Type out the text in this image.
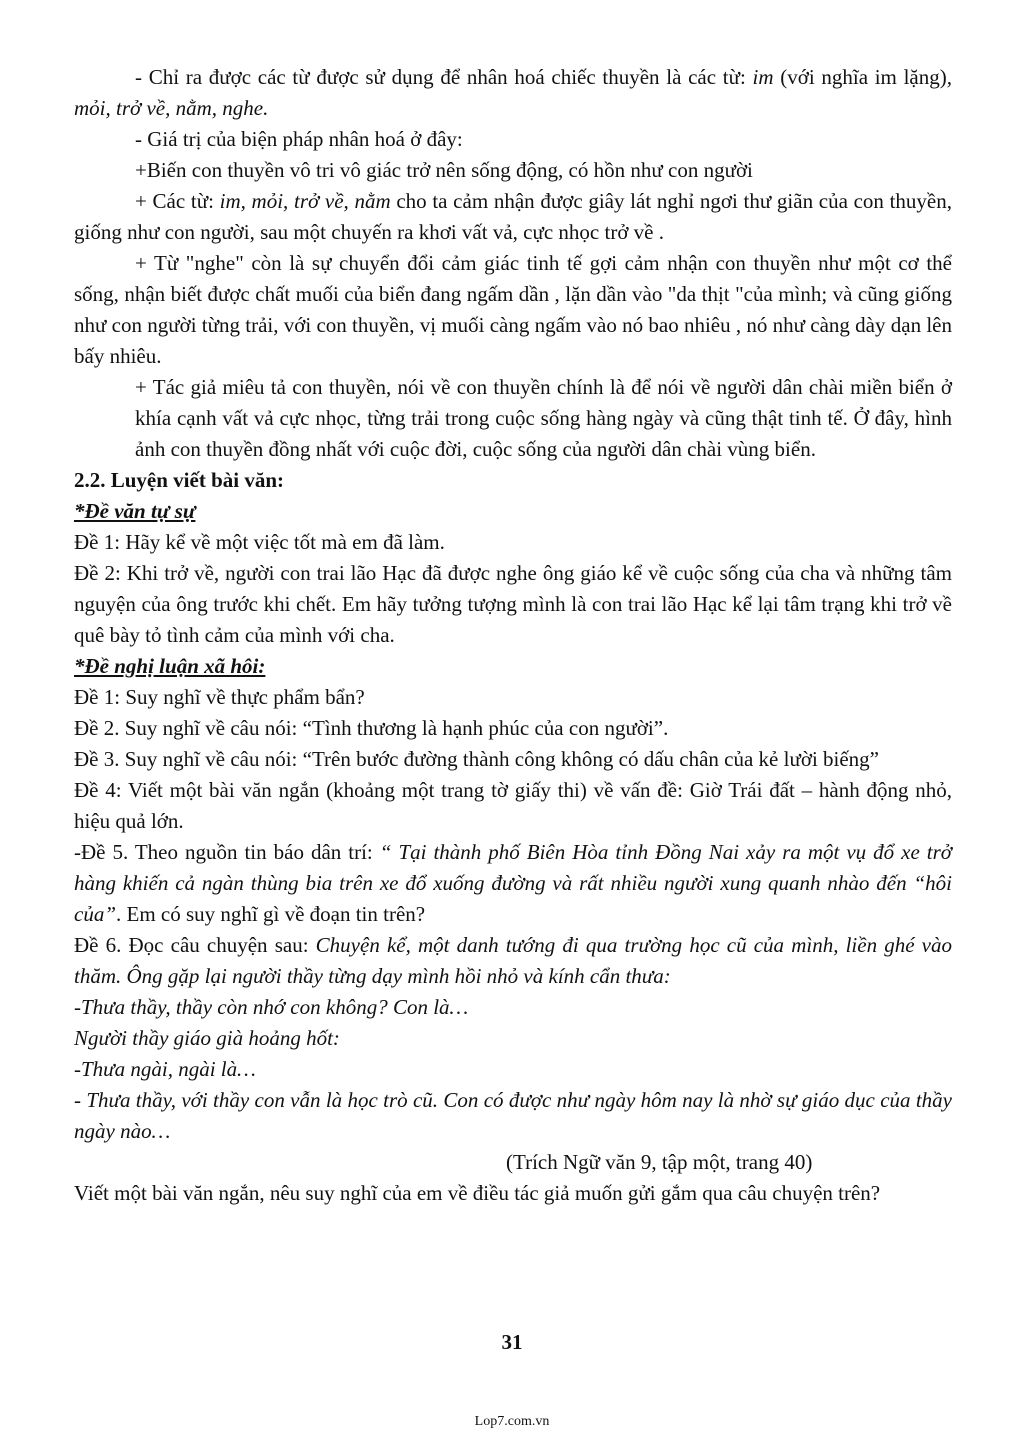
- Chỉ ra được các từ được sử dụng để nhân hoá chiếc thuyền là các từ: im (với nghĩa im lặng), mỏi, trở về, nằm, nghe.

- Giá trị của biện pháp nhân hoá ở đây:

+Biến con thuyền vô tri vô giác trở nên sống động, có hồn như con người

+ Các từ: im, mỏi, trở về, nằm cho ta cảm nhận được giây lát nghỉ ngơi thư giãn của con thuyền, giống như con người, sau một chuyến ra khơi vất vả, cực nhọc trở về .

+ Từ "nghe" còn là sự chuyển đổi cảm giác tinh tế gợi cảm nhận con thuyền như một cơ thể sống, nhận biết được chất muối của biển đang ngấm dần , lặn dần vào "da thịt "của mình; và cũng giống như con người từng trải, với con thuyền, vị muối càng ngấm vào nó bao nhiêu , nó như càng dày dạn lên bấy nhiêu.

+ Tác giả miêu tả con thuyền, nói về con thuyền chính là để nói về người dân chài miền biển ở khía cạnh vất vả cực nhọc, từng trải trong cuộc sống hàng ngày và cũng thật tinh tế. Ở đây, hình ảnh con thuyền đồng nhất với cuộc đời, cuộc sống của người dân chài vùng biển.

2.2. Luyện viết bài văn:

*Đề văn tự sự

Đề 1: Hãy kể về một việc tốt mà em đã làm.

Đề 2: Khi trở về, người con trai lão Hạc đã được nghe ông giáo kể về cuộc sống của cha và những tâm nguyện của ông trước khi chết. Em hãy tưởng tượng mình là con trai lão Hạc kể lại tâm trạng khi trở về quê bày tỏ tình cảm của mình với cha.

*Đề nghị luận xã hôi:

Đề 1: Suy nghĩ về thực phẩm bẩn?

Đề 2. Suy nghĩ về câu nói: “Tình thương là hạnh phúc của con người”.

Đề 3. Suy nghĩ về câu nói: “Trên bước đường thành công không có dấu chân của kẻ lười biếng”

Đề 4: Viết một bài văn ngắn (khoảng một trang tờ giấy thi) về vấn đề: Giờ Trái đất – hành động nhỏ, hiệu quả lớn.

-Đề 5. Theo nguồn tin báo dân trí: “ Tại thành phố Biên Hòa tỉnh Đồng Nai xảy ra một vụ đổ xe trở hàng khiến cả ngàn thùng bia trên xe đổ xuống đường và rất nhiều người xung quanh nhào đến “hôi của”. Em có suy nghĩ gì về đoạn tin trên?

Đề 6. Đọc câu chuyện sau: Chuyện kể, một danh tướng đi qua trường học cũ của mình, liền ghé vào thăm. Ông gặp lại người thầy từng dạy mình hồi nhỏ và kính cẩn thưa:

-Thưa thầy, thầy còn nhớ con không? Con là…

Người thầy giáo già hoảng hốt:

-Thưa ngài, ngài là…

- Thưa thầy, với thầy con vẫn là học trò cũ. Con có được như ngày hôm nay là nhờ sự giáo dục của thầy ngày nào…

(Trích Ngữ văn 9, tập một, trang 40)

Viết một bài văn ngắn, nêu suy nghĩ của em về điều tác giả muốn gửi gắm qua câu chuyện trên?

31
Lop7.com.vn
